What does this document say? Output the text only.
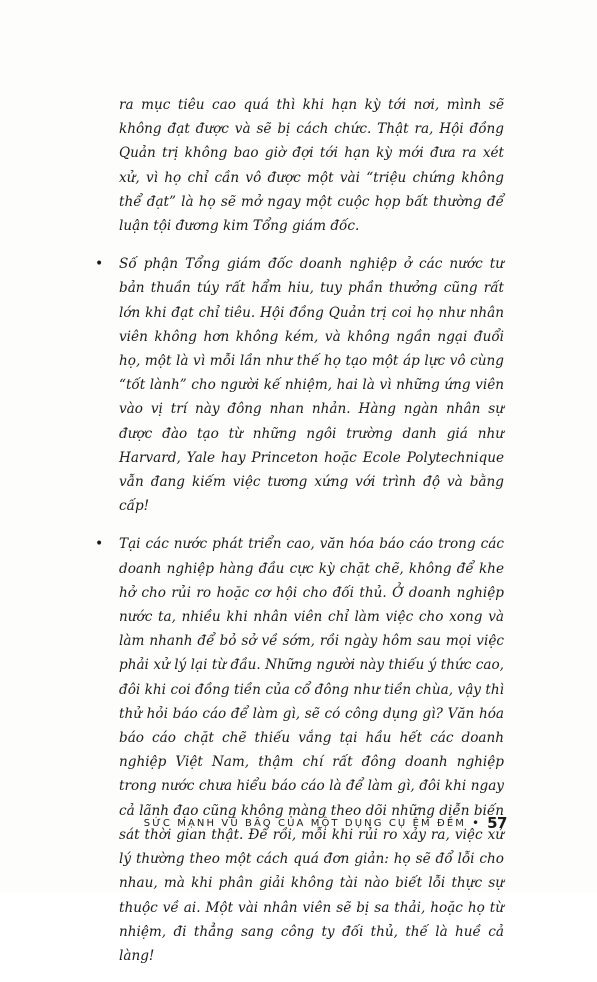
ra mục tiêu cao quá thì khi hạn kỳ tới nơi, mình sẽ không đạt được và sẽ bị cách chức. Thật ra, Hội đồng Quản trị không bao giờ đợi tới hạn kỳ mới đưa ra xét xử, vì họ chỉ cần vô được một vài “triệu chứng không thể đạt” là họ sẽ mở ngay một cuộc họp bất thường để luận tội đương kim Tổng giám đốc.

• Số phận Tổng giám đốc doanh nghiệp ở các nước tư bản thuần túy rất hẩm hiu, tuy phần thưởng cũng rất lớn khi đạt chỉ tiêu. Hội đồng Quản trị coi họ như nhân viên không hơn không kém, và không ngần ngại đuổi họ, một là vì mỗi lần như thế họ tạo một áp lực vô cùng “tốt lành” cho người kế nhiệm, hai là vì những ứng viên vào vị trí này đông nhan nhản. Hàng ngàn nhân sự được đào tạo từ những ngôi trường danh giá như Harvard, Yale hay Princeton hoặc Ecole Polytechnique vẫn đang kiếm việc tương xứng với trình độ và bằng cấp!

• Tại các nước phát triển cao, văn hóa báo cáo trong các doanh nghiệp hàng đầu cực kỳ chặt chẽ, không để khe hở cho rủi ro hoặc cơ hội cho đối thủ. Ở doanh nghiệp nước ta, nhiều khi nhân viên chỉ làm việc cho xong và làm nhanh để bỏ sở về sớm, rồi ngày hôm sau mọi việc phải xử lý lại từ đầu. Những người này thiếu ý thức cao, đôi khi coi đồng tiền của cổ đông như tiền chùa, vậy thì thử hỏi báo cáo để làm gì, sẽ có công dụng gì? Văn hóa báo cáo chặt chẽ thiếu vắng tại hầu hết các doanh nghiệp Việt Nam, thậm chí rất đông doanh nghiệp trong nước chưa hiểu báo cáo là để làm gì, đôi khi ngay cả lãnh đạo cũng không màng theo dõi những diễn biến sát thời gian thật. Để rồi, mỗi khi rủi ro xảy ra, việc xử lý thường theo một cách quá đơn giản: họ sẽ đổ lỗi cho nhau, mà khi phân giải không tài nào biết lỗi thực sự thuộc về ai. Một vài nhân viên sẽ bị sa thải, hoặc họ từ nhiệm, đi thẳng sang công ty đối thủ, thế là huề cả làng!

SỨC MẠNH VŨ BÃO CỦA MỘT DỤNG CỤ ÊM ĐỀM • 57
